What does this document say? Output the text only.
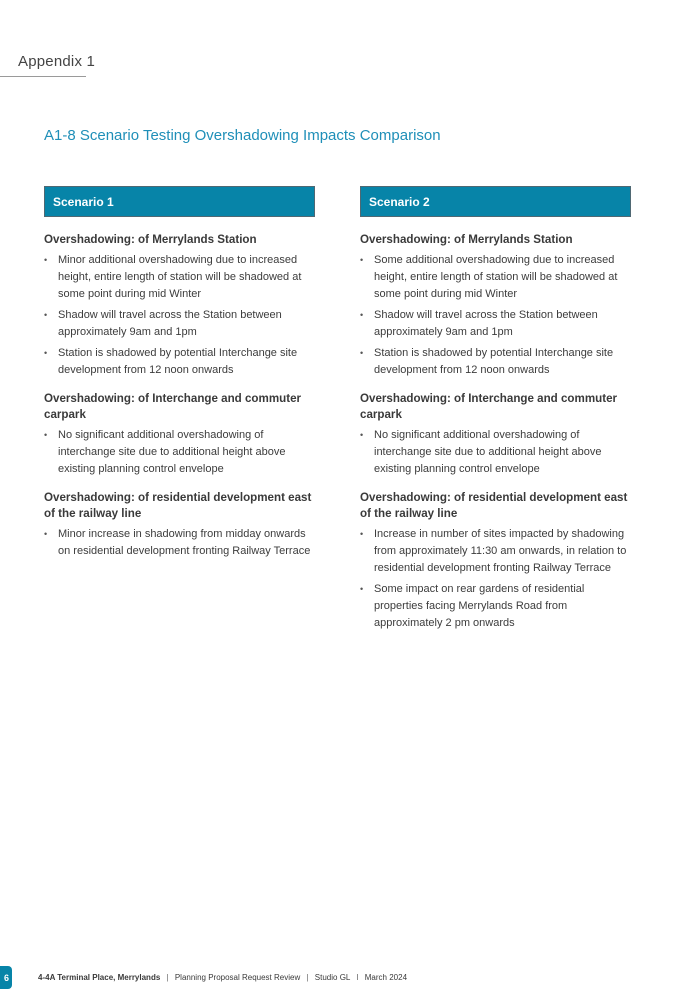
Appendix 1
A1-8 Scenario Testing Overshadowing Impacts Comparison
Scenario 1

Overshadowing: of Merrylands Station

• Minor additional overshadowing due to increased height, entire length of station will be shadowed at some point during mid Winter
• Shadow will travel across the Station between approximately 9am and 1pm
• Station is shadowed by potential Interchange site development from 12 noon onwards

Overshadowing: of Interchange and commuter carpark

• No significant additional overshadowing of interchange site due to additional height above existing planning control envelope

Overshadowing: of residential development east of the railway line

• Minor increase in shadowing from midday onwards on residential development fronting Railway Terrace
Scenario 2

Overshadowing: of Merrylands Station

• Some additional overshadowing due to increased height, entire length of station will be shadowed at some point during mid Winter
• Shadow will travel across the Station between approximately 9am and 1pm
• Station is shadowed by potential Interchange site development from 12 noon onwards

Overshadowing: of Interchange and commuter carpark

• No significant additional overshadowing of interchange site due to additional height above existing planning control envelope

Overshadowing: of residential development east of the railway line

• Increase in number of sites impacted by shadowing from approximately 11:30 am onwards, in relation to residential development fronting Railway Terrace
• Some impact on rear gardens of residential properties facing Merrylands Road from approximately 2 pm onwards
6	4-4A Terminal Place, Merrylands | Planning Proposal Request Review | Studio GL I March 2024
